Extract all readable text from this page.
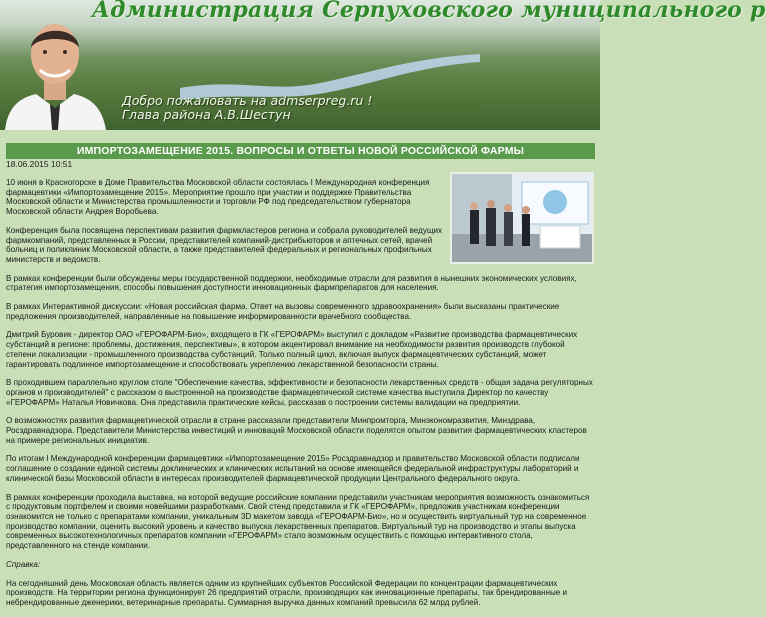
Администрация Серпуховского муниципального р
Добро пожаловать на admserpreg.ru !
Глава района А.В.Шестун
ИМПОРТОЗАМЕЩЕНИЕ 2015. ВОПРОСЫ И ОТВЕТЫ НОВОЙ РОССИЙСКОЙ ФАРМЫ
18.06.2015 10:51

10 июня в Красногорске в Доме Правительства Московской области состоялась I Международная конференция фармацевтики «Импортозамещение 2015». Мероприятие прошло при участии и поддержке Правительства Московской области и Министерства промышленности и торговли РФ под председательством губернатора Московской области Андрея Воробьева.

Конференция была посвящена перспективам развития фармкластеров региона и собрала руководителей ведущих фармкомпаний, представленных в России, представителей компаний-дистрибьюторов и аптечных сетей, врачей больниц и поликлиник Московской области, а также представителей федеральных и региональных профильных министерств и ведомств.

В рамках конференции были обсуждены меры государственной поддержки, необходимые отрасли для развития в нынешних экономических условиях, стратегия импортозамещения, способы повышения доступности инновационных фармпрепаратов для населения.

В рамках Интерактивной дискуссии: «Новая российская фарма. Ответ на вызовы современного здравоохранения» были высказаны практические предложения производителей, направленные на повышение информированности врачебного сообщества.

Дмитрий Буровик - директор ОАО «ГЕРОФАРМ-Био», входящего в ГК «ГЕРОФАРМ» выступил с докладом «Развитие производства фармацевтических субстанций в регионе: проблемы, достижения, перспективы», в котором акцентировал внимание на необходимости развития производств глубокой степени локализации - промышленного производства субстанций. Только полный цикл, включая выпуск фармацевтических субстанций, может гарантировать подлинное импортозамещение и способствовать укреплению лекарственной безопасности страны.

В проходившем параллельно круглом столе "Обеспечение качества, эффективности и безопасности лекарственных средств - общая задача регуляторных органов и производителей" с рассказом о выстроенной на производстве фармацевтической системе качества выступила Директор по качеству «ГЕРОФАРМ» Наталья Новичкова. Она представила практические кейсы, рассказав о построении системы валидации на предприятии.

О возможностях развития фармацевтической отрасли в стране рассказали представители Минпромторга, Минэкономразвития, Минздрава, Росздравнадзора. Представители Министерства инвестиций и инноваций Московской области поделятся опытом развития фармацевтических кластеров на примере региональных инициатив.

По итогам I Международной конференции фармацевтики «Импортозамещение 2015» Росздравнадзор и правительство Московской области подписали соглашение о создании единой системы доклинических и клинических испытаний на основе имеющейся федеральной инфраструктуры лабораторий и клинической базы Московской области в интересах производителей фармацевтической продукции Центрального федерального округа.

В рамках конференции проходила выставка, на которой ведущие российские компании представили участникам мероприятия возможность ознакомиться с продуктовым портфелем и своими новейшими разработками. Свой стенд представила и ГК «ГЕРОФАРМ», предложив участникам конференции ознакомится не только с препаратами компании, уникальным 3D макетом завода «ГЕРОФАРМ-Био», но и осуществить виртуальный тур на современное производство компании, оценить высокий уровень и качество выпуска лекарственных препаратов. Виртуальный тур на производство и этапы выпуска современных высокотехнологичных препаратов компании «ГЕРОФАРМ» стало возможным осуществить с помощью интерактивного стола, представленного на стенде компании.

Справка:

На сегодняшний день Московская область является одним из крупнейших субъектов Российской Федерации по концентрации фармацевтических производств. На территории региона функционирует 26 предприятий отрасли, производящих как инновационные препараты, так брендированные и небрендированные дженерики, ветеринарные препараты. Суммарная выручка данных компаний превысила 62 млрд рублей.
